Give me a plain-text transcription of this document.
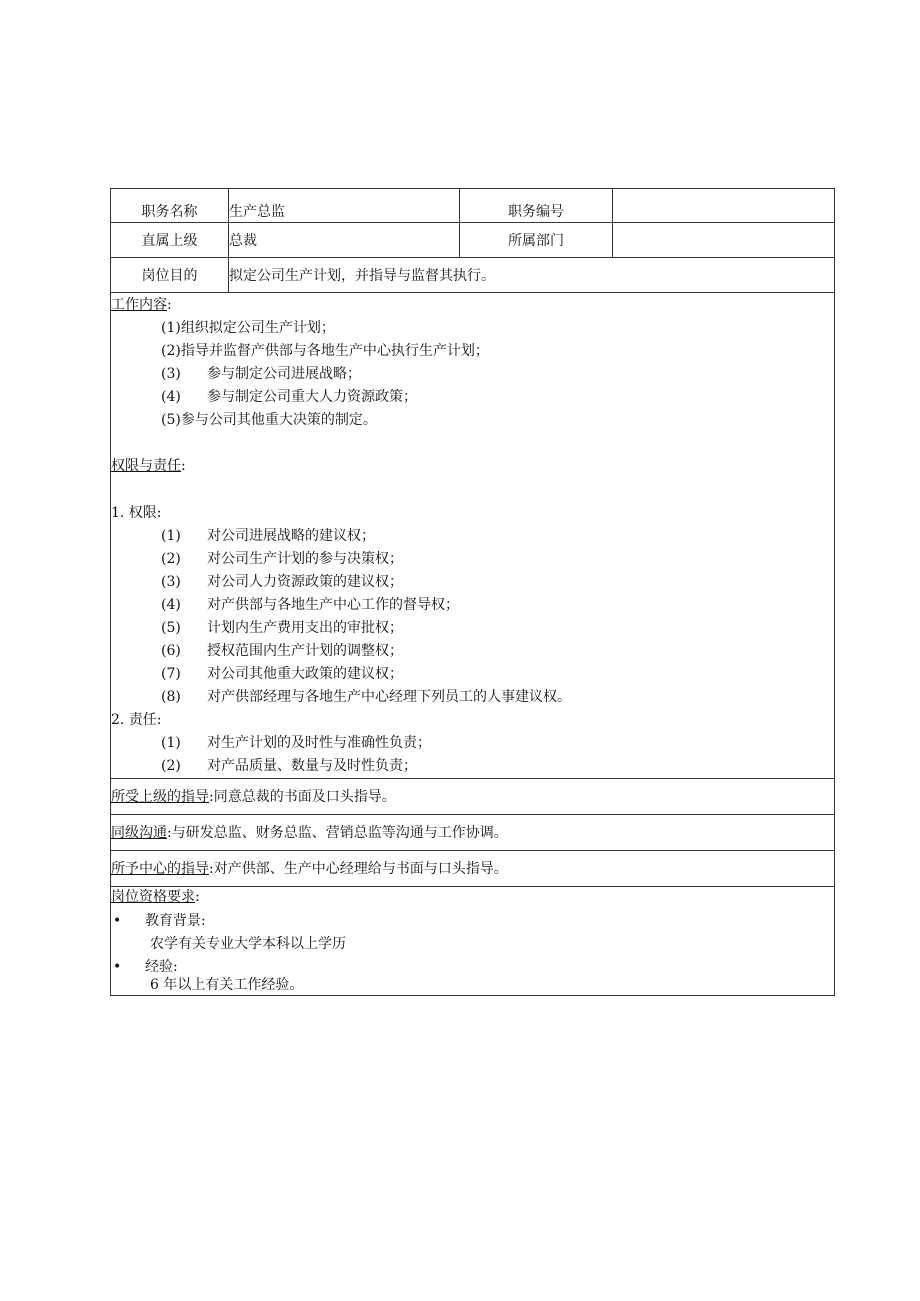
职务名称 生产总监	职务编号
直属上级 总裁	所属部门
岗位目的 拟定公司生产计划，并指导与监督其执行。
工作内容:
(1)组织拟定公司生产计划；
(2)指导并监督产供部与各地生产中心执行生产计划；
(3) 参与制定公司进展战略；
(4) 参与制定公司重大人力资源政策；
(5)参与公司其他重大决策的制定。
权限与责任:
1. 权限:
(1) 对公司进展战略的建议权；
(2) 对公司生产计划的参与决策权；
(3) 对公司人力资源政策的建议权；
(4) 对产供部与各地生产中心工作的督导权；
(5) 计划内生产费用支出的审批权；
(6) 授权范围内生产计划的调整权；
(7) 对公司其他重大政策的建议权；
(8) 对产供部经理与各地生产中心经理下列员工的人事建议权。
2. 责任:
(1) 对生产计划的及时性与准确性负责；
(2) 对产品质量、数量与及时性负责；
所受上级的指导:同意总裁的书面及口头指导。
同级沟通:与研发总监、财务总监、营销总监等沟通与工作协调。
所予中心的指导:对产供部、生产中心经理给与书面与口头指导。
岗位资格要求:
• 教育背景:
农学有关专业大学本科以上学历
• 经验:
6 年以上有关工作经验。
